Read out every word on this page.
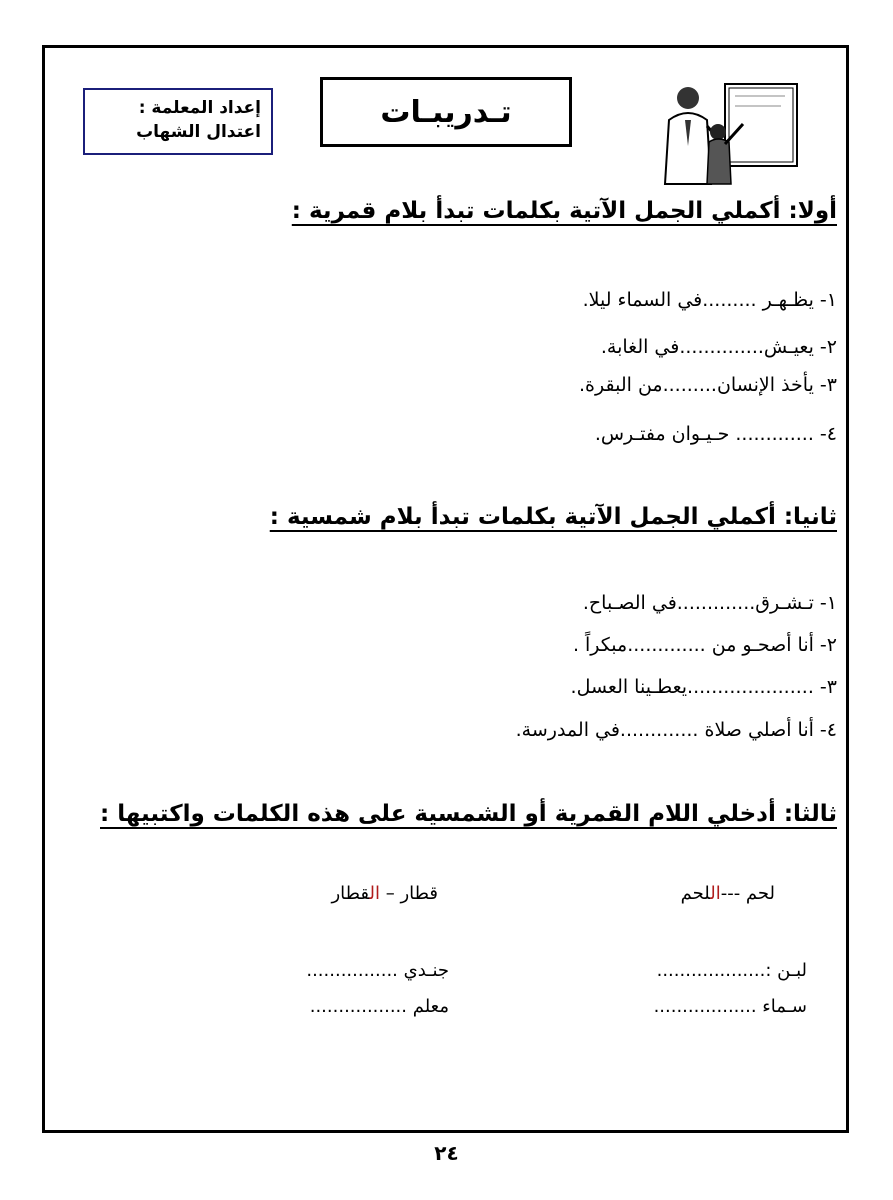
إعداد المعلمة :
اعتدال الشهاب
تـدريبـات
أولا: أكملي الجمل الآتية بكلمات تبدأ بلام قمرية :
١- يظـهـر .........في السماء ليلا.
٢- يعيـش..............في الغابة.
٣- يأخذ الإنسان.........من البقرة.
٤- ............. حـيـوان مفتـرس.
ثانيا: أكملي الجمل الآتية بكلمات تبدأ بلام شمسية :
١- تـشـرق.............في الصـباح.
٢- أنا أصحـو من .............مبكراً .
٣- .....................يعطـينا العسل.
٤- أنا أصلي صلاة .............في المدرسة.
ثالثا: أدخلي اللام القمرية أو الشمسية على هذه الكلمات واكتبيها :
لحم ---اللحم
قطار – القطار
لبـن :...................
جنـدي ................
سـماء ..................
معلم .................
٢٤
